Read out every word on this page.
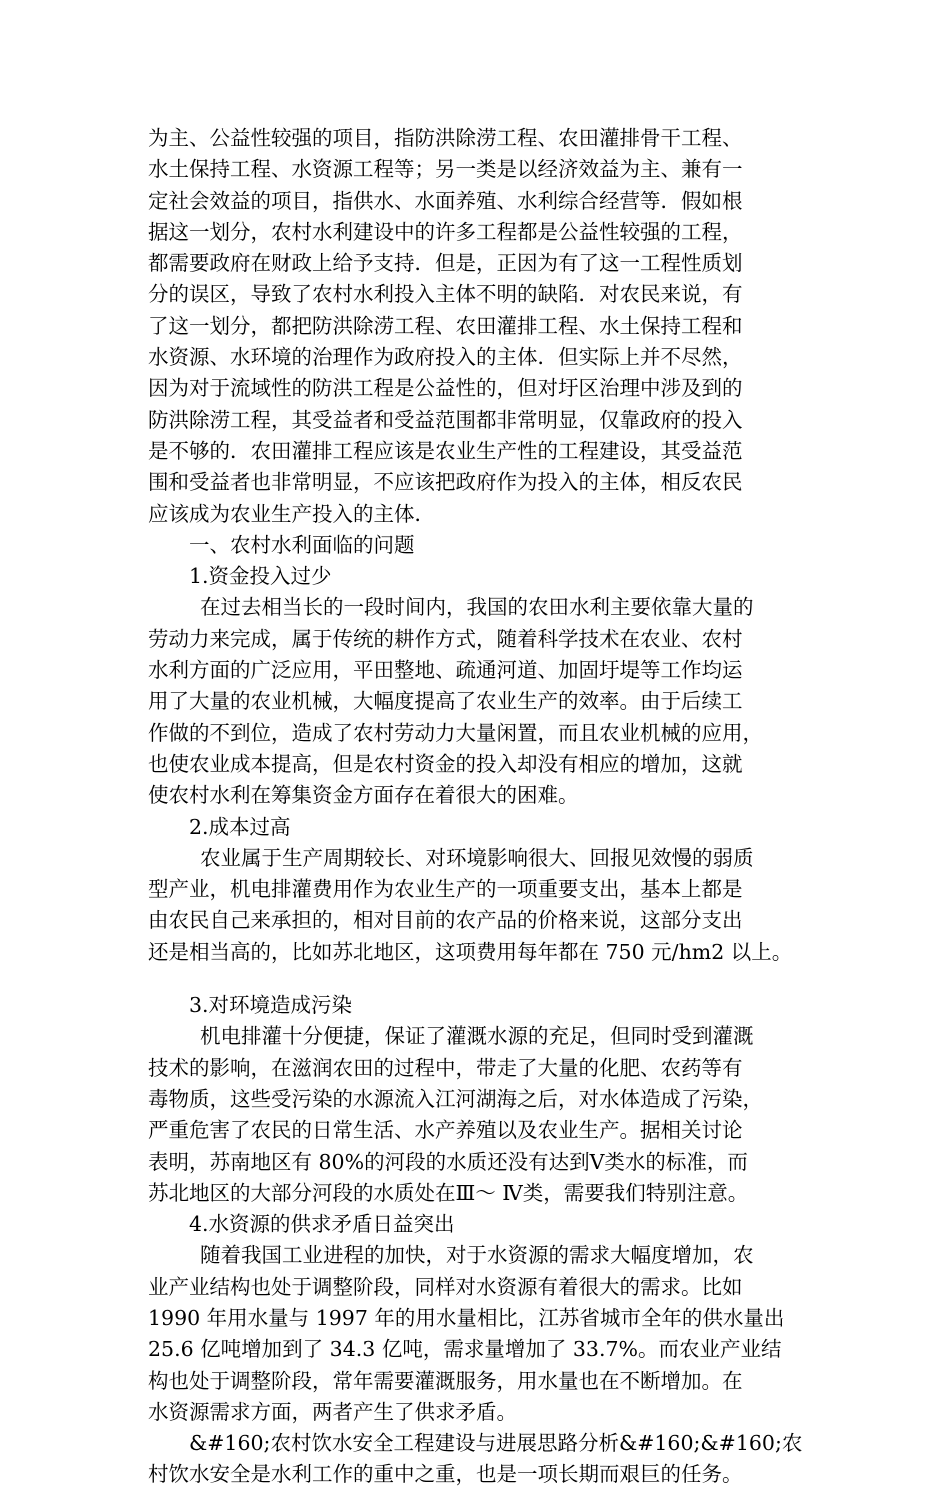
为主、公益性较强的项目，指防洪除涝工程、农田灌排骨干工程、
水土保持工程、水资源工程等；另一类是以经济效益为主、兼有一
定社会效益的项目，指供水、水面养殖、水利综合经营等．假如根
据这一划分，农村水利建设中的许多工程都是公益性较强的工程，
都需要政府在财政上给予支持．但是，正因为有了这一工程性质划
分的误区，导致了农村水利投入主体不明的缺陷．对农民来说，有
了这一划分，都把防洪除涝工程、农田灌排工程、水土保持工程和
水资源、水环境的治理作为政府投入的主体．但实际上并不尽然，
因为对于流域性的防洪工程是公益性的，但对圩区治理中涉及到的
防洪除涝工程，其受益者和受益范围都非常明显，仅靠政府的投入
是不够的．农田灌排工程应该是农业生产性的工程建设，其受益范
围和受益者也非常明显，不应该把政府作为投入的主体，相反农民
应该成为农业生产投入的主体．
一、农村水利面临的问题
1.资金投入过少
在过去相当长的一段时间内，我国的农田水利主要依靠大量的
劳动力来完成，属于传统的耕作方式，随着科学技术在农业、农村
水利方面的广泛应用，平田整地、疏通河道、加固圩堤等工作均运
用了大量的农业机械，大幅度提高了农业生产的效率。由于后续工
作做的不到位，造成了农村劳动力大量闲置，而且农业机械的应用，
也使农业成本提高，但是农村资金的投入却没有相应的增加，这就
使农村水利在筹集资金方面存在着很大的困难。
2.成本过高
农业属于生产周期较长、对环境影响很大、回报见效慢的弱质
型产业，机电排灌费用作为农业生产的一项重要支出，基本上都是
由农民自己来承担的，相对目前的农产品的价格来说，这部分支出
还是相当高的，比如苏北地区，这项费用每年都在 750 元/hm2 以上。
3.对环境造成污染
机电排灌十分便捷，保证了灌溉水源的充足，但同时受到灌溉
技术的影响，在滋润农田的过程中，带走了大量的化肥、农药等有
毒物质，这些受污染的水源流入江河湖海之后，对水体造成了污染，
严重危害了农民的日常生活、水产养殖以及农业生产。据相关讨论
表明，苏南地区有 80%的河段的水质还没有达到Ⅴ类水的标准，而
苏北地区的大部分河段的水质处在Ⅲ～ Ⅳ类，需要我们特别注意。
4.水资源的供求矛盾日益突出
随着我国工业进程的加快，对于水资源的需求大幅度增加，农
业产业结构也处于调整阶段，同样对水资源有着很大的需求。比如
1990 年用水量与 1997 年的用水量相比，江苏省城市全年的供水量出
25.6 亿吨增加到了 34.3 亿吨，需求量增加了 33.7%。而农业产业结
构也处于调整阶段，常年需要灌溉服务，用水量也在不断增加。在
水资源需求方面，两者产生了供求矛盾。
&#160;农村饮水安全工程建设与进展思路分析&#160;&#160;农
村饮水安全是水利工作的重中之重，也是一项长期而艰巨的任务。
